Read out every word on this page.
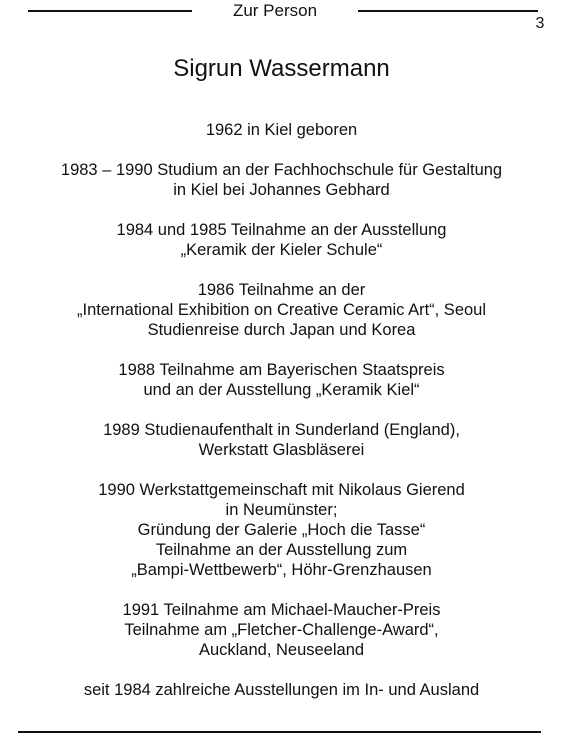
Zur Person
3
Sigrun Wassermann
1962 in Kiel geboren
1983 – 1990 Studium an der Fachhochschule für Gestaltung
in Kiel bei Johannes Gebhard
1984 und 1985 Teilnahme an der Ausstellung
„Keramik der Kieler Schule“
1986 Teilnahme an der
„International Exhibition on Creative Ceramic Art“, Seoul
Studienreise durch Japan und Korea
1988 Teilnahme am Bayerischen Staatspreis
und an der Ausstellung „Keramik Kiel“
1989 Studienaufenthalt in Sunderland (England),
Werkstatt Glasbläserei
1990 Werkstattgemeinschaft mit Nikolaus Gierend
in Neumünster;
Gründung der Galerie „Hoch die Tasse“
Teilnahme an der Ausstellung zum
„Bampi-Wettbewerb“, Höhr-Grenzhausen
1991 Teilnahme am Michael-Maucher-Preis
Teilnahme am „Fletcher-Challenge-Award“,
Auckland, Neuseeland
seit 1984 zahlreiche Ausstellungen im In- und Ausland
